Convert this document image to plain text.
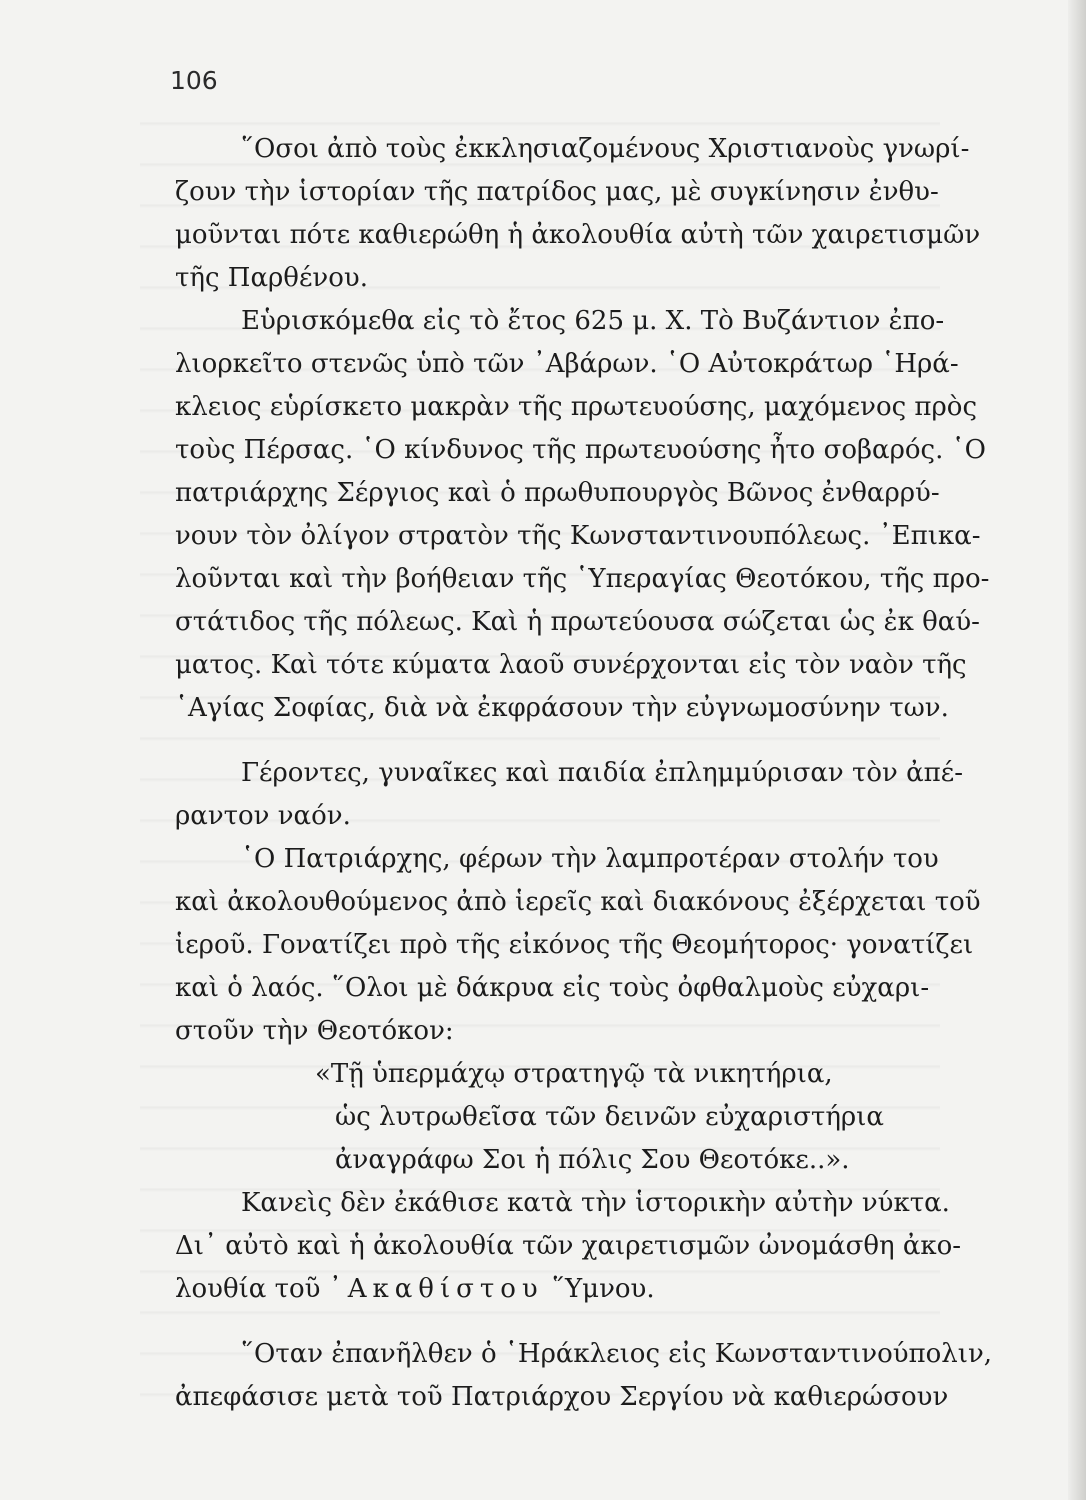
106

῞Οσοι ἀπὸ τοὺς ἐκκλησιαζομένους Χριστιανοὺς γνωρί-
ζουν τὴν ἱστορίαν τῆς πατρίδος μας, μὲ συγκίνησιν ἐνθυ-
μοῦνται πότε καθιερώθη ἡ ἀκολουθία αὐτὴ τῶν χαιρετισμῶν
τῆς Παρθένου.

Εὑρισκόμεθα εἰς τὸ ἔτος 625 μ. Χ. Τὸ Βυζάντιον ἐπο-
λιορκεῖτο στενῶς ὑπὸ τῶν ᾿Αβάρων. ῾Ο Αὐτοκράτωρ ῾Ηρά-
κλειος εὑρίσκετο μακρὰν τῆς πρωτευούσης, μαχόμενος πρὸς
τοὺς Πέρσας. ῾Ο κίνδυνος τῆς πρωτευούσης ἦτο σοβαρός. ῾Ο
πατριάρχης Σέργιος καὶ ὁ πρωθυπουργὸς Βῶνος ἐνθαρρύ-
νουν τὸν ὀλίγον στρατὸν τῆς Κωνσταντινουπόλεως. ᾿Επικα-
λοῦνται καὶ τὴν βοήθειαν τῆς ῾Υπεραγίας Θεοτόκου, τῆς προ-
στάτιδος τῆς πόλεως. Καὶ ἡ πρωτεύουσα σώζεται ὡς ἐκ θαύ-
ματος. Καὶ τότε κύματα λαοῦ συνέρχονται εἰς τὸν ναὸν τῆς
῾Αγίας Σοφίας, διὰ νὰ ἐκφράσουν τὴν εὐγνωμοσύνην των.

Γέροντες, γυναῖκες καὶ παιδία ἐπλημμύρισαν τὸν ἀπέ-
ραντον ναόν.

῾Ο Πατριάρχης, φέρων τὴν λαμπροτέραν στολήν του
καὶ ἀκολουθούμενος ἀπὸ ἱερεῖς καὶ διακόνους ἐξέρχεται τοῦ
ἱεροῦ. Γονατίζει πρὸ τῆς εἰκόνος τῆς Θεομήτορος· γονατίζει
καὶ ὁ λαός. ῞Ολοι μὲ δάκρυα εἰς τοὺς ὀφθαλμοὺς εὐχαρι-
στοῦν τὴν Θεοτόκον:

«Τῇ ὑπερμάχῳ στρατηγῷ τὰ νικητήρια,
ὡς λυτρωθεῖσα τῶν δεινῶν εὐχαριστήρια
ἀναγράφω Σοι ἡ πόλις Σου Θεοτόκε..».

Κανεὶς δὲν ἐκάθισε κατὰ τὴν ἱστορικὴν αὐτὴν νύκτα.
Δι᾿ αὐτὸ καὶ ἡ ἀκολουθία τῶν χαιρετισμῶν ὠνομάσθη ἀκο-
λουθία τοῦ ᾿Ακαθίστου ῞Υμνου.

῞Οταν ἐπανῆλθεν ὁ ῾Ηράκλειος εἰς Κωνσταντινούπολιν,
ἀπεφάσισε μετὰ τοῦ Πατριάρχου Σεργίου νὰ καθιερώσουν
